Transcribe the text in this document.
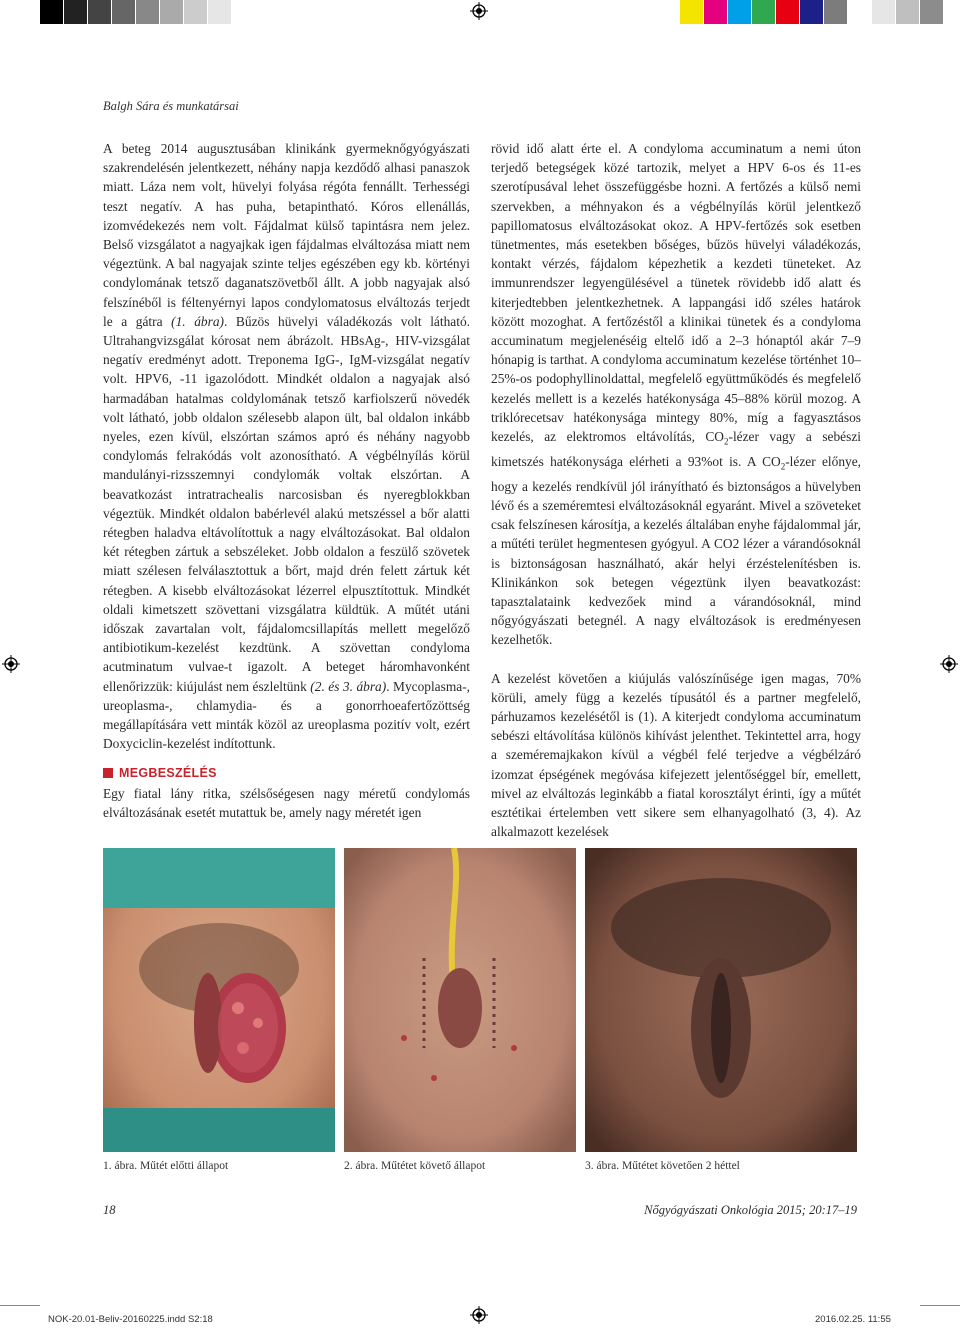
Balgh Sára és munkatársai

A beteg 2014 augusztusában klinikánk gyermeknőgyógyászati szakrendelésén jelentkezett, néhány napja kezdődő alhasi panaszok miatt. Láza nem volt, hüvelyi folyása régóta fennállt. Terhességi teszt negatív. A has puha, betapintható. Kóros ellenállás, izomvédekezés nem volt. Fájdalmat külső tapintásra nem jelez. Belső vizsgálatot a nagyajkak igen fájdalmas elváltozása miatt nem végeztünk. A bal nagyajak szinte teljes egészében egy kb. körtényi condylomának tetsző daganatszövetből állt. A jobb nagyajak alsó felszínéből is féltenyérnyi lapos condylomatosus elváltozás terjedt le a gátra (1. ábra). Bűzös hüvelyi váladékozás volt látható. Ultrahangvizsgálat kórosat nem ábrázolt. HBsAg-, HIV-vizsgálat negatív eredményt adott. Treponema IgG-, IgM-vizsgálat negatív volt. HPV6, -11 igazolódott. Mindkét oldalon a nagyajak alsó harmadában hatalmas coldylomának tetsző karfiolszerű növedék volt látható, jobb oldalon szélesebb alapon ült, bal oldalon inkább nyeles, ezen kívül, elszórtan számos apró és néhány nagyobb condylomás felrakódás volt azonosítható. A végbélnyílás körül mandulányi-rizsszemnyi condylomák voltak elszórtan. A beavatkozást intratrachealis narcosisban és nyeregblokkban végeztük. Mindkét oldalon babérlevél alakú metszéssel a bőr alatti rétegben haladva eltávolítottuk a nagy elváltozásokat. Bal oldalon két rétegben zártuk a sebszéleket. Jobb oldalon a feszülő szövetek miatt szélesen felválasztottuk a bőrt, majd drén felett zártuk két rétegben. A kisebb elváltozásokat lézerrel elpusztítottuk. Mindkét oldali kimetszett szövettani vizsgálatra küldtük. A műtét utáni időszak zavartalan volt, fájdalomcsillapítás mellett megelőző antibiotikum-kezelést kezdtünk. A szövettan condyloma acutminatum vulvae-t igazolt. A beteget háromhavonként ellenőrizzük: kiújulást nem észleltünk (2. és 3. ábra). Mycoplasma-, ureoplasma-, chlamydia- és a gonorrhoeafertőzöttség megállapítására vett minták közöl az ureoplasma pozitív volt, ezért Doxyciclin-kezelést indítottunk.

MEGBESZÉLÉS

Egy fiatal lány ritka, szélsőségesen nagy méretű condylomás elváltozásának esetét mutattuk be, amely nagy méretét igen

rövid idő alatt érte el. A condyloma accuminatum a nemi úton terjedő betegségek közé tartozik, melyet a HPV 6-os és 11-es szerotípusával lehet összefüggésbe hozni. A fertőzés a külső nemi szervekben, a méhnyakon és a végbélnyílás körül jelentkező papillomatosus elváltozásokat okoz. A HPV-fertőzés sok esetben tünetmentes, más esetekben bőséges, bűzös hüvelyi váladékozás, kontakt vérzés, fájdalom képezhetik a kezdeti tüneteket. Az immunrendszer legyengülésével a tünetek rövidebb idő alatt és kiterjedtebben jelentkezhetnek. A lappangási idő széles határok között mozoghat. A fertőzéstől a klinikai tünetek és a condyloma accuminatum megjelenéséig eltelő idő a 2–3 hónaptól akár 7–9 hónapig is tarthat. A condyloma accuminatum kezelése történhet 10–25%-os podophyllinoldattal, megfelelő együttműködés és megfelelő kezelés mellett is a kezelés hatékonysága 45–88% körül mozog. A triklórecetsav hatékonysága mintegy 80%, míg a fagyasztásos kezelés, az elektromos eltávolítás, $CO_2$-lézer vagy a sebészi kimetszés hatékonysága elérheti a 93%ot is. A $CO_2$-lézer előnye, hogy a kezelés rendkívül jól irányítható és biztonságos a hüvelyben lévő és a szeméremtesi elváltozásoknál egyaránt. Mivel a szöveteket csak felszínesen károsítja, a kezelés általában enyhe fájdalommal jár, a műtéti terület hegmentesen gyógyul. A CO2 lézer a várandósoknál is biztonságosan használható, akár helyi érzéstelenítésben is. Klinikánkon sok betegen végeztünk ilyen beavatkozást: tapasztalataink kedvezőek mind a várandósoknál, mind nőgyógyászati betegnél. A nagy elváltozások is eredményesen kezelhetők.

A kezelést követően a kiújulás valószínűsége igen magas, 70% körüli, amely függ a kezelés típusától és a partner megfelelő, párhuzamos kezelésétől is (1). A kiterjedt condyloma accuminatum sebészi eltávolítása különös kihívást jelenthet. Tekintettel arra, hogy a szeméremajkakon kívül a végbél felé terjedve a végbélzáró izomzat épségének megóvása kifejezett jelentőséggel bír, emellett, mivel az elváltozás leginkább a fiatal korosztályt érinti, így a műtét esztétikai értelemben vett sikere sem elhanyagolható (3, 4). Az alkalmazott kezelések

1. ábra. Műtét előtti állapot	2. ábra. Műtétet követő állapot	3. ábra. Műtétet követően 2 héttel
18	Nőgyógyászati Onkológia 2015; 20:17–19
NOK-20.01-Beliv-20160225.indd S2:18	2016.02.25. 11:55
